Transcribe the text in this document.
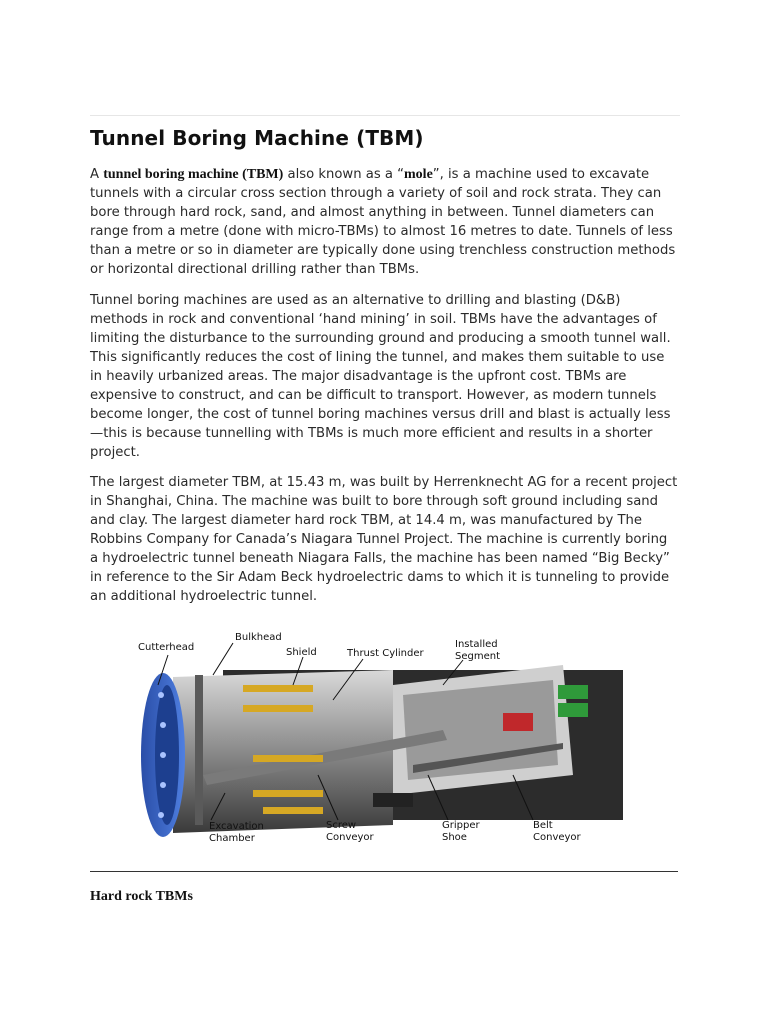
Tunnel Boring Machine (TBM)

A tunnel boring machine (TBM) also known as a “mole”, is a machine used to excavate tunnels with a circular cross section through a variety of soil and rock strata. They can bore through hard rock, sand, and almost anything in between. Tunnel diameters can range from a metre (done with micro-TBMs) to almost 16 metres to date. Tunnels of less than a metre or so in diameter are typically done using trenchless construction methods or horizontal directional drilling rather than TBMs.

Tunnel boring machines are used as an alternative to drilling and blasting (D&B) methods in rock and conventional ‘hand mining’ in soil. TBMs have the advantages of limiting the disturbance to the surrounding ground and producing a smooth tunnel wall. This significantly reduces the cost of lining the tunnel, and makes them suitable to use in heavily urbanized areas. The major disadvantage is the upfront cost. TBMs are expensive to construct, and can be difficult to transport. However, as modern tunnels become longer, the cost of tunnel boring machines versus drill and blast is actually less—this is because tunnelling with TBMs is much more efficient and results in a shorter project.

The largest diameter TBM, at 15.43 m, was built by Herrenknecht AG for a recent project in Shanghai, China. The machine was built to bore through soft ground including sand and clay. The largest diameter hard rock TBM, at 14.4 m, was manufactured by The Robbins Company for Canada’s Niagara Tunnel Project. The machine is currently boring a hydroelectric tunnel beneath Niagara Falls, the machine has been named “Big Becky” in reference to the Sir Adam Beck hydroelectric dams to which it is tunneling to provide an additional hydroelectric tunnel.

Cutterhead
Bulkhead
Shield	Thrust Cylinder
Installed
Segment
Excavation
Chamber
Screw
Conveyor
Gripper
Shoe
Belt
Conveyor
Hard rock TBMs
